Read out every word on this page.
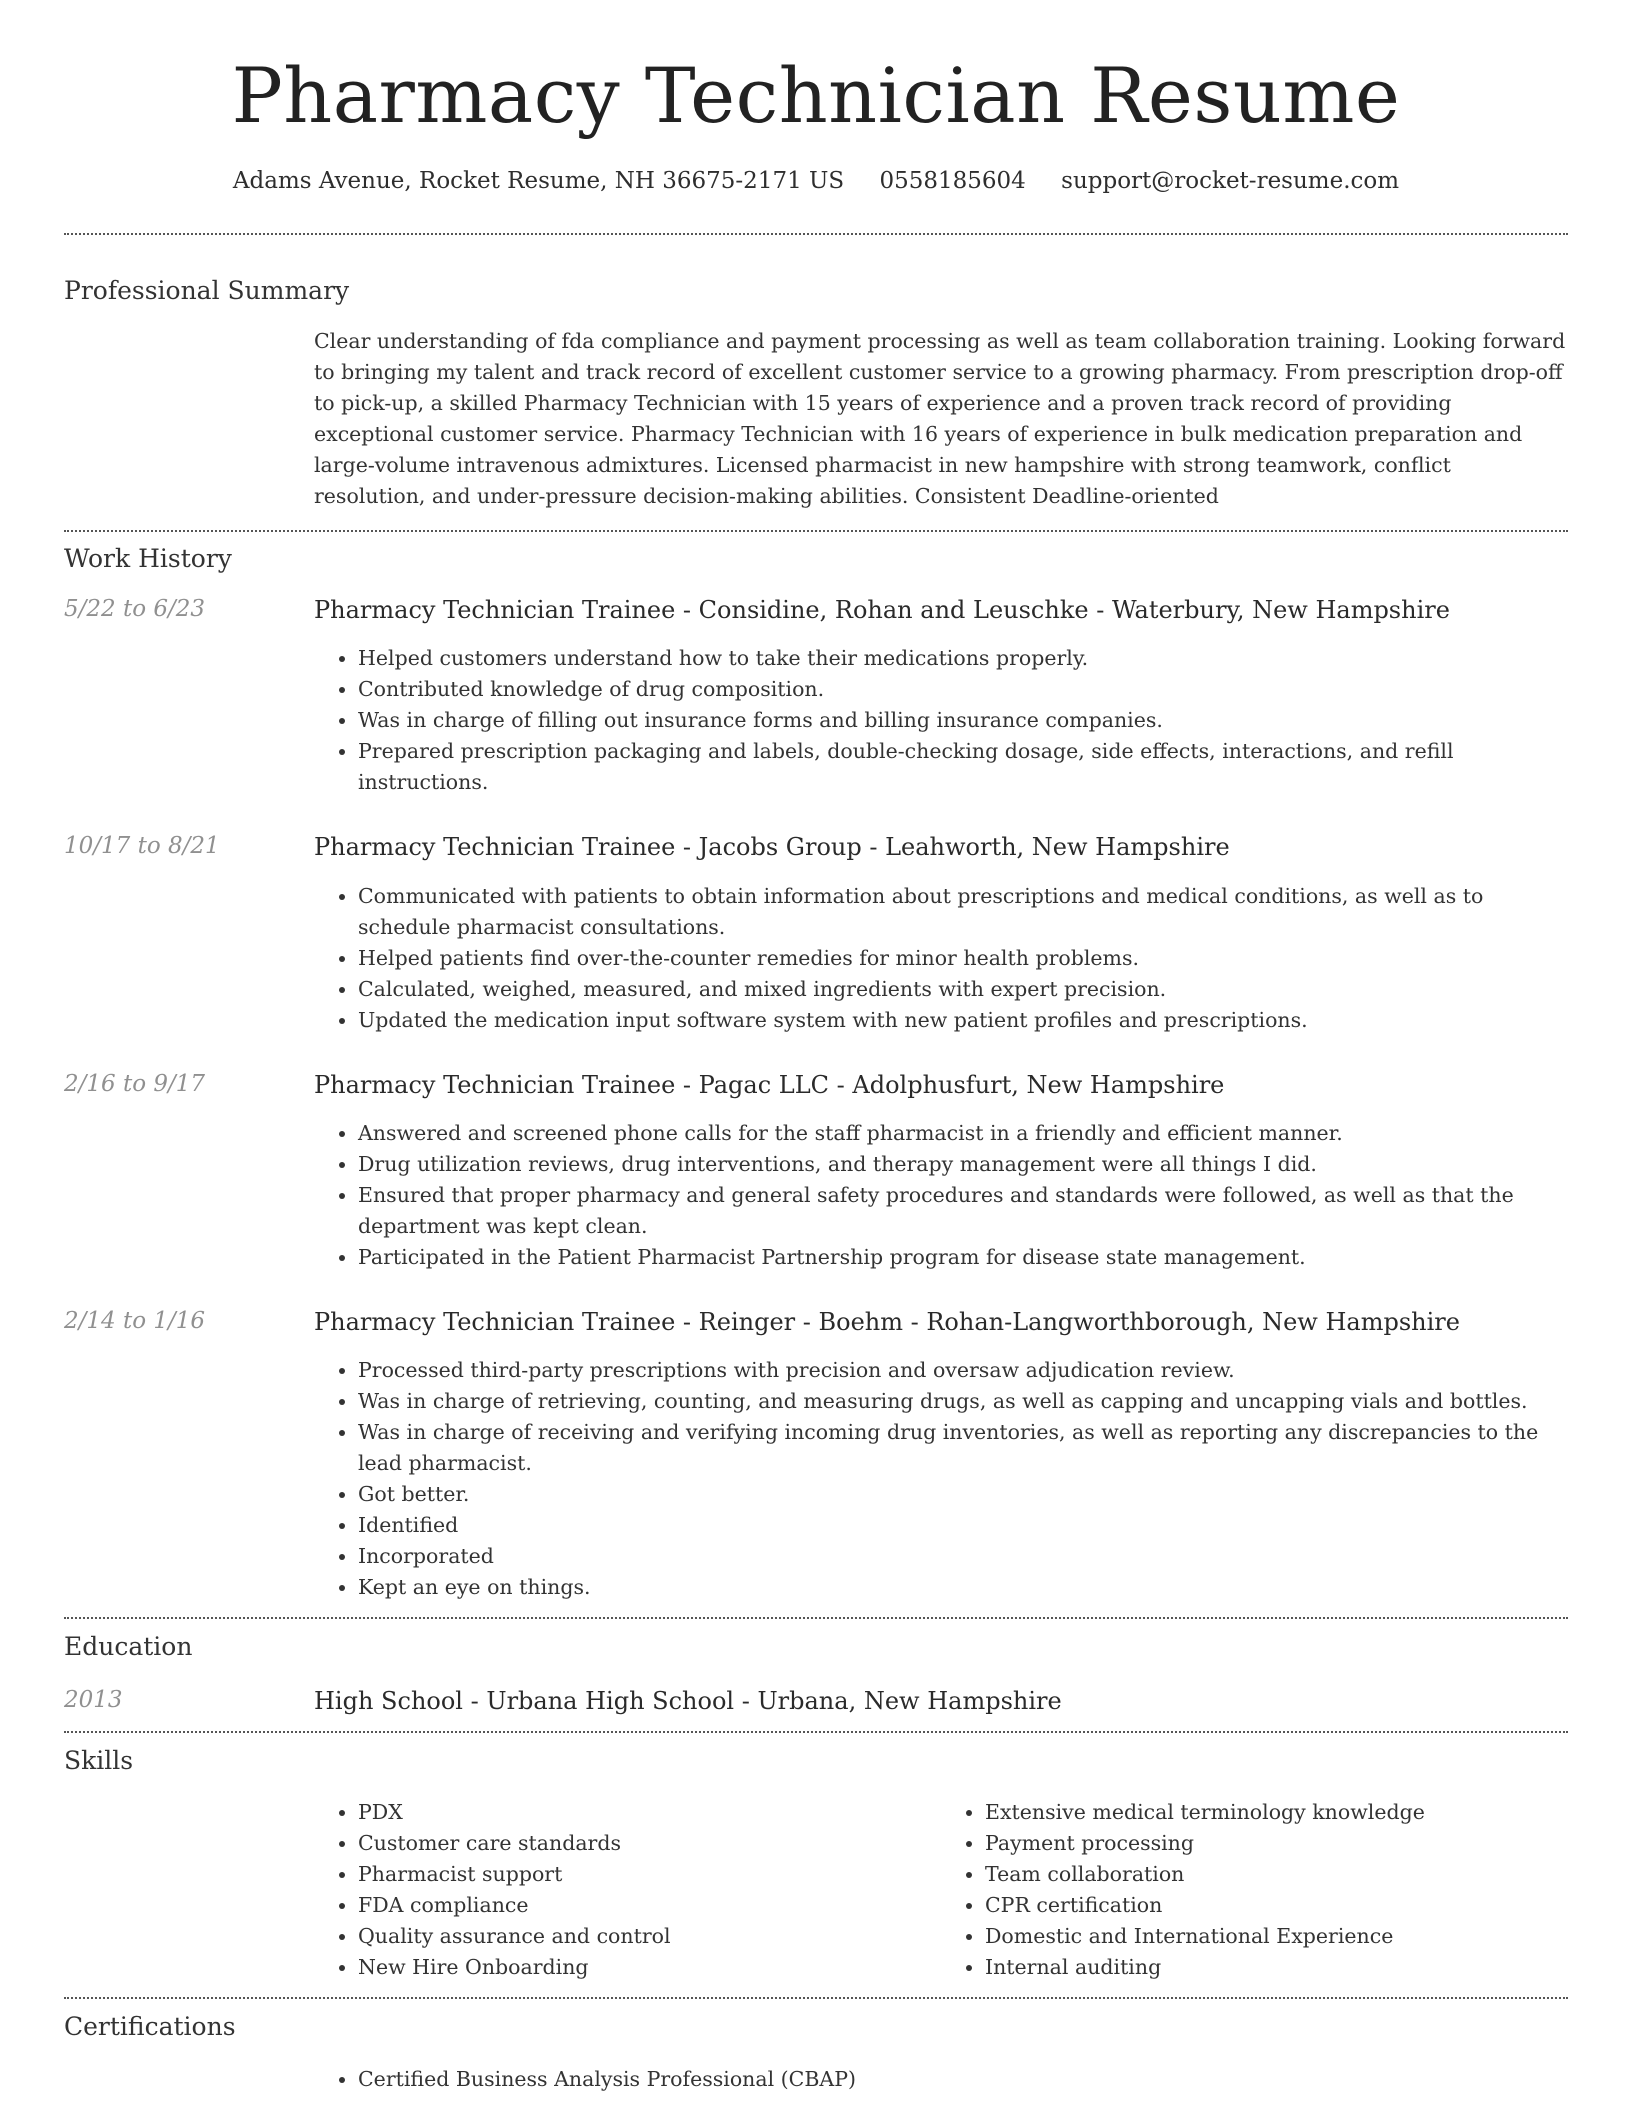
Pharmacy Technician Resume
Adams Avenue, Rocket Resume, NH 36675-2171 US 0558185604 support@rocket-resume.com
Professional Summary

Clear understanding of fda compliance and payment processing as well as team collaboration training. Looking forward to bringing my talent and track record of excellent customer service to a growing pharmacy. From prescription drop-off to pick-up, a skilled Pharmacy Technician with 15 years of experience and a proven track record of providing exceptional customer service. Pharmacy Technician with 16 years of experience in bulk medication preparation and large-volume intravenous admixtures. Licensed pharmacist in new hampshire with strong teamwork, conflict resolution, and under-pressure decision-making abilities. Consistent Deadline-oriented

Work History
5/22 to 6/23	Pharmacy Technician Trainee - Considine, Rohan and Leuschke - Waterbury, New Hampshire
• Helped customers understand how to take their medications properly.
• Contributed knowledge of drug composition.
• Was in charge of filling out insurance forms and billing insurance companies.
• Prepared prescription packaging and labels, double-checking dosage, side effects, interactions, and refill instructions.
10/17 to 8/21	Pharmacy Technician Trainee - Jacobs Group - Leahworth, New Hampshire
• Communicated with patients to obtain information about prescriptions and medical conditions, as well as to schedule pharmacist consultations.
• Helped patients find over-the-counter remedies for minor health problems.
• Calculated, weighed, measured, and mixed ingredients with expert precision.
• Updated the medication input software system with new patient profiles and prescriptions.
2/16 to 9/17	Pharmacy Technician Trainee - Pagac LLC - Adolphusfurt, New Hampshire
• Answered and screened phone calls for the staff pharmacist in a friendly and efficient manner.
• Drug utilization reviews, drug interventions, and therapy management were all things I did.
• Ensured that proper pharmacy and general safety procedures and standards were followed, as well as that the department was kept clean.
• Participated in the Patient Pharmacist Partnership program for disease state management.
2/14 to 1/16	Pharmacy Technician Trainee - Reinger - Boehm - Rohan-Langworthborough, New Hampshire
• Processed third-party prescriptions with precision and oversaw adjudication review.
• Was in charge of retrieving, counting, and measuring drugs, as well as capping and uncapping vials and bottles.
• Was in charge of receiving and verifying incoming drug inventories, as well as reporting any discrepancies to the lead pharmacist.
• Got better.
• Identified
• Incorporated
• Kept an eye on things.
Education
2013	High School - Urbana High School - Urbana, New Hampshire
Skills
• PDX
• Customer care standards
• Pharmacist support
• FDA compliance
• Quality assurance and control
• New Hire Onboarding
• Extensive medical terminology knowledge
• Payment processing
• Team collaboration
• CPR certification
• Domestic and International Experience
• Internal auditing
Certifications
• Certified Business Analysis Professional (CBAP)
